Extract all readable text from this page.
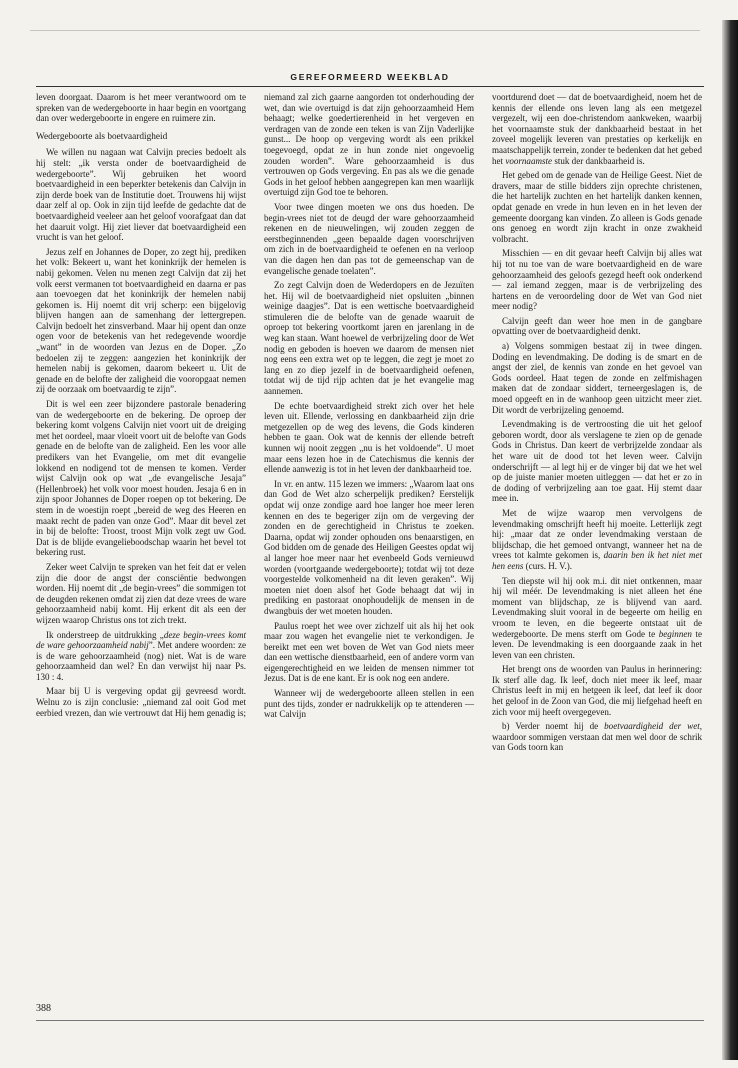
GEREFORMEERD WEEKBLAD

leven doorgaat. Daarom is het meer verantwoord om te spreken van de wedergeboorte in haar begin en voortgang dan over wedergeboorte in engere en ruimere zin.

Wedergeboorte als boetvaardigheid

We willen nu nagaan wat Calvijn precies bedoelt als hij stelt: „ik versta onder de boetvaardigheid de wedergeboorte”. Wij gebruiken het woord boetvaardigheid in een beperkter betekenis dan Calvijn in zijn derde boek van de Institutie doet. Trouwens hij wijst daar zelf al op. Ook in zijn tijd leefde de gedachte dat de boetvaardigheid veeleer aan het geloof voorafgaat dan dat het daaruit volgt. Hij ziet liever dat boetvaardigheid een vrucht is van het geloof.

Jezus zelf en Johannes de Doper, zo zegt hij, prediken het volk: Bekeert u, want het koninkrijk der hemelen is nabij gekomen. Velen nu menen zegt Calvijn dat zij het volk eerst vermanen tot boetvaardigheid en daarna er pas aan toevoegen dat het koninkrijk der hemelen nabij gekomen is. Hij noemt dit vrij scherp: een bijgelovig blijven hangen aan de samenhang der lettergrepen. Calvijn bedoelt het zinsverband. Maar hij opent dan onze ogen voor de betekenis van het redegevende woordje „want” in de woorden van Jezus en de Doper. „Zo bedoelen zij te zeggen: aangezien het koninkrijk der hemelen nabij is gekomen, daarom bekeert u. Uit de genade en de belofte der zaligheid die vooropgaat nemen zij de oorzaak om boetvaardig te zijn”.

Dit is wel een zeer bijzondere pastorale benadering van de wedergeboorte en de bekering. De oproep der bekering komt volgens Calvijn niet voort uit de dreiging met het oordeel, maar vloeit voort uit de belofte van Gods genade en de belofte van de zaligheid. Een les voor alle predikers van het Evangelie, om met dit evangelie lokkend en nodigend tot de mensen te komen. Verder wijst Calvijn ook op wat „de evangelische Jesaja” (Hellenbroek) het volk voor moest houden. Jesaja 6 en in zijn spoor Johannes de Doper roepen op tot bekering. De stem in de woestijn roept „bereid de weg des Heeren en maakt recht de paden van onze God”. Maar dit bevel zet in bij de belofte: Troost, troost Mijn volk zegt uw God. Dat is de blijde evangelieboodschap waarin het bevel tot bekering rust.

Zeker weet Calvijn te spreken van het feit dat er velen zijn die door de angst der consciëntie bedwongen worden. Hij noemt dit „de begin-vrees” die sommigen tot de deugden rekenen omdat zij zien dat deze vrees de ware gehoorzaamheid nabij komt. Hij erkent dit als een der wijzen waarop Christus ons tot zich trekt.

Ik onderstreep de uitdrukking „deze begin-vrees komt de ware gehoorzaamheid nabij”. Met andere woorden: ze is de ware gehoorzaamheid (nog) niet. Wat is de ware gehoorzaamheid dan wel? En dan verwijst hij naar Ps. 130 : 4.

Maar bij U is vergeving opdat gij gevreesd wordt. Welnu zo is zijn conclusie: „niemand zal ooit God met eerbied vrezen, dan wie vertrouwt dat Hij hem genadig is;

niemand zal zich gaarne aangorden tot onderhouding der wet, dan wie overtuigd is dat zijn gehoorzaamheid Hem behaagt; welke goedertierenheid in het vergeven en verdragen van de zonde een teken is van Zijn Vaderlijke gunst... De hoop op vergeving wordt als een prikkel toegevoegd, opdat ze in hun zonde niet ongevoelig zouden worden”. Ware gehoorzaamheid is dus vertrouwen op Gods vergeving. En pas als we die genade Gods in het geloof hebben aangegrepen kan men waarlijk overtuigd zijn God toe te behoren.

Voor twee dingen moeten we ons dus hoeden. De begin-vrees niet tot de deugd der ware gehoorzaamheid rekenen en de nieuwelingen, wij zouden zeggen de eerstbeginnenden „geen bepaalde dagen voorschrijven om zich in de boetvaardigheid te oefenen en na verloop van die dagen hen dan pas tot de gemeenschap van de evangelische genade toelaten”.

Zo zegt Calvijn doen de Wederdopers en de Jezuïten het. Hij wil de boetvaardigheid niet opsluiten „binnen weinige daagjes”. Dat is een wettische boetvaardigheid stimuleren die de belofte van de genade waaruit de oproep tot bekering voortkomt jaren en jarenlang in de weg kan staan. Want hoewel de verbrijzeling door de Wet nodig en geboden is hoeven we daarom de mensen niet nog eens een extra wet op te leggen, die zegt je moet zo lang en zo diep jezelf in de boetvaardigheid oefenen, totdat wij de tijd rijp achten dat je het evangelie mag aannemen.

De echte boetvaardigheid strekt zich over het hele leven uit. Ellende, verlossing en dankbaarheid zijn drie metgezellen op de weg des levens, die Gods kinderen hebben te gaan. Ook wat de kennis der ellende betreft kunnen wij nooit zeggen „nu is het voldoende”. U moet maar eens lezen hoe in de Catechismus die kennis der ellende aanwezig is tot in het leven der dankbaarheid toe.

In vr. en antw. 115 lezen we immers: „Waarom laat ons dan God de Wet alzo scherpelijk prediken? Eerstelijk opdat wij onze zondige aard hoe langer hoe meer leren kennen en des te begeriger zijn om de vergeving der zonden en de gerechtigheid in Christus te zoeken. Daarna, opdat wij zonder ophouden ons benaarstigen, en God bidden om de genade des Heiligen Geestes opdat wij al langer hoe meer naar het evenbeeld Gods vernieuwd worden (voortgaande wedergeboorte); totdat wij tot deze voorgestelde volkomenheid na dit leven geraken”. Wij moeten niet doen alsof het Gode behaagt dat wij in prediking en pastoraat onophoudelijk de mensen in de dwangbuis der wet moeten houden.

Paulus roept het wee over zichzelf uit als hij het ook maar zou wagen het evangelie niet te verkondigen. Je bereikt met een wet boven de Wet van God niets meer dan een wettische dienstbaarheid, een of andere vorm van eigengerechtigheid en we leiden de mensen nimmer tot Jezus. Dat is de ene kant. Er is ook nog een andere.

Wanneer wij de wedergeboorte alleen stellen in een punt des tijds, zonder er nadrukkelijk op te attenderen — wat Calvijn

voortdurend doet — dat de boetvaardigheid, noem het de kennis der ellende ons leven lang als een metgezel vergezelt, wij een doe-christendom aankweken, waarbij het voornaamste stuk der dankbaarheid bestaat in het zoveel mogelijk leveren van prestaties op kerkelijk en maatschappelijk terrein, zonder te bedenken dat het gebed het voornaamste stuk der dankbaarheid is.

Het gebed om de genade van de Heilige Geest. Niet de dravers, maar de stille bidders zijn oprechte christenen, die het hartelijk zuchten en het hartelijk danken kennen, opdat genade en vrede in hun leven en in het leven der gemeente doorgang kan vinden. Zo alleen is Gods genade ons genoeg en wordt zijn kracht in onze zwakheid volbracht.

Misschien — en dit gevaar heeft Calvijn bij alles wat hij tot nu toe van de ware boetvaardigheid en de ware gehoorzaamheid des geloofs gezegd heeft ook onderkend — zal iemand zeggen, maar is de verbrijzeling des hartens en de veroordeling door de Wet van God niet meer nodig?

Calvijn geeft dan weer hoe men in de gangbare opvatting over de boetvaardigheid denkt.

a) Volgens sommigen bestaat zij in twee dingen. Doding en levendmaking. De doding is de smart en de angst der ziel, de kennis van zonde en het gevoel van Gods oordeel. Haat tegen de zonde en zelfmishagen maken dat de zondaar siddert, terneergeslagen is, de moed opgeeft en in de wanhoop geen uitzicht meer ziet. Dit wordt de verbrijzeling genoemd.

Levendmaking is de vertroosting die uit het geloof geboren wordt, door als verslagene te zien op de genade Gods in Christus. Dan keert de verbrijzelde zondaar als het ware uit de dood tot het leven weer. Calvijn onderschrijft — al legt hij er de vinger bij dat we het wel op de juiste manier moeten uitleggen — dat het er zo in de doding of verbrijzeling aan toe gaat. Hij stemt daar mee in.

Met de wijze waarop men vervolgens de levendmaking omschrijft heeft hij moeite. Letterlijk zegt hij: „maar dat ze onder levendmaking verstaan de blijdschap, die het gemoed ontvangt, wanneer het na de vrees tot kalmte gekomen is, daarin ben ik het niet met hen eens (curs. H. V.).

Ten diepste wil hij ook m.i. dit niet ontkennen, maar hij wil méér. De levendmaking is niet alleen het éne moment van blijdschap, ze is blijvend van aard. Levendmaking sluit vooral in de begeerte om heilig en vroom te leven, en die begeerte ontstaat uit de wedergeboorte. De mens sterft om Gode te beginnen te leven. De levendmaking is een doorgaande zaak in het leven van een christen.

Het brengt ons de woorden van Paulus in herinnering: Ik sterf alle dag. Ik leef, doch niet meer ik leef, maar Christus leeft in mij en hetgeen ik leef, dat leef ik door het geloof in de Zoon van God, die mij liefgehad heeft en zich voor mij heeft overgegeven.

b) Verder noemt hij de boetvaardigheid der wet, waardoor sommigen verstaan dat men wel door de schrik van Gods toorn kan

388
